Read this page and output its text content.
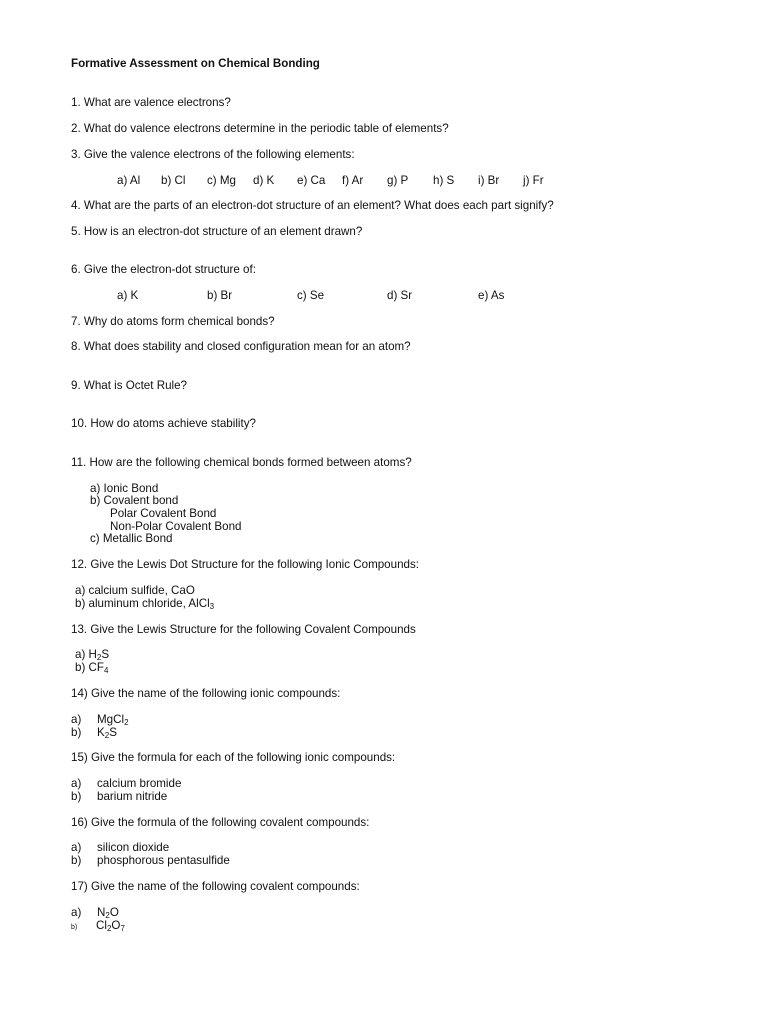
Formative Assessment on Chemical Bonding
1. What are valence electrons?
2. What do valence electrons determine in the periodic table of elements?
3. Give the valence electrons of the following elements:
a) Al b) Cl c) Mg d) K e) Ca f) Ar g) P h) S i) Br j) Fr
4. What are the parts of an electron-dot structure of an element? What does each part signify?
5. How is an electron-dot structure of an element drawn?
6. Give the electron-dot structure of:
a) K	b) Br	c) Se	d) Sr	e) As
7. Why do atoms form chemical bonds?
8. What does stability and closed configuration mean for an atom?
9. What is Octet Rule?
10. How do atoms achieve stability?
11. How are the following chemical bonds formed between atoms?
a) Ionic Bond
b) Covalent bond
Polar Covalent Bond
Non-Polar Covalent Bond
c) Metallic Bond
12. Give the Lewis Dot Structure for the following Ionic Compounds:
a) calcium sulfide, CaO
b) aluminum chloride, AlCl$_3$
13. Give the Lewis Structure for the following Covalent Compounds
a) $H_2S$
b) $CF_4$
14) Give the name of the following ionic compounds:
a) MgCl$_2$
b) $K_2S$
15) Give the formula for each of the following ionic compounds:
a) calcium bromide
b) barium nitride
16) Give the formula of the following covalent compounds:
a) silicon dioxide
b) phosphorous pentasulfide
17) Give the name of the following covalent compounds:
a) $N_2O$
b) $Cl_2O_7$
